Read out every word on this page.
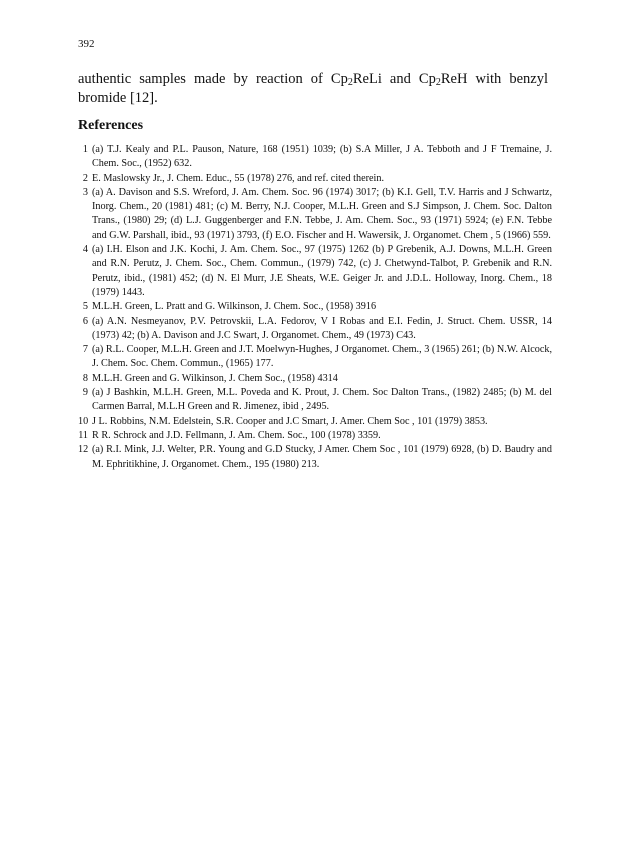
392

authentic samples made by reaction of $Cp_2ReLi$ and $Cp_2ReH$ with benzyl bromide [12].

References
1 (a) T.J. Kealy and P.L. Pauson, Nature, 168 (1951) 1039; (b) S.A Miller, J A. Tebboth and J F Tremaine, J. Chem. Soc., (1952) 632.
2 E. Maslowsky Jr., J. Chem. Educ., 55 (1978) 276, and ref. cited therein.
3 (a) A. Davison and S.S. Wreford, J. Am. Chem. Soc. 96 (1974) 3017; (b) K.I. Gell, T.V. Harris and J Schwartz, Inorg. Chem., 20 (1981) 481; (c) M. Berry, N.J. Cooper, M.L.H. Green and S.J Simpson, J. Chem. Soc. Dalton Trans., (1980) 29; (d) L.J. Guggenberger and F.N. Tebbe, J. Am. Chem. Soc., 93 (1971) 5924; (e) F.N. Tebbe and G.W. Parshall, ibid., 93 (1971) 3793, (f) E.O. Fischer and H. Wawersik, J. Organomet. Chem , 5 (1966) 559.
4 (a) I.H. Elson and J.K. Kochi, J. Am. Chem. Soc., 97 (1975) 1262 (b) P Grebenik, A.J. Downs, M.L.H. Green and R.N. Perutz, J. Chem. Soc., Chem. Commun., (1979) 742, (c) J. Chetwynd-Talbot, P. Grebenik and R.N. Perutz, ibid., (1981) 452; (d) N. El Murr, J.E Sheats, W.E. Geiger Jr. and J.D.L. Holloway, Inorg. Chem., 18 (1979) 1443.
5 M.L.H. Green, L. Pratt and G. Wilkinson, J. Chem. Soc., (1958) 3916
6 (a) A.N. Nesmeyanov, P.V. Petrovskii, L.A. Fedorov, V I Robas and E.I. Fedin, J. Struct. Chem. USSR, 14 (1973) 42; (b) A. Davison and J.C Swart, J. Organomet. Chem., 49 (1973) C43.
7 (a) R.L. Cooper, M.L.H. Green and J.T. Moelwyn-Hughes, J Organomet. Chem., 3 (1965) 261; (b) N.W. Alcock, J. Chem. Soc. Chem. Commun., (1965) 177.
8 M.L.H. Green and G. Wilkinson, J. Chem Soc., (1958) 4314
9 (a) J Bashkin, M.L.H. Green, M.L. Poveda and K. Prout, J. Chem. Soc Dalton Trans., (1982) 2485; (b) M. del Carmen Barral, M.L.H Green and R. Jimenez, ibid , 2495.
10 J L. Robbins, N.M. Edelstein, S.R. Cooper and J.C Smart, J. Amer. Chem Soc , 101 (1979) 3853.
11 R R. Schrock and J.D. Fellmann, J. Am. Chem. Soc., 100 (1978) 3359.
12 (a) R.I. Mink, J.J. Welter, P.R. Young and G.D Stucky, J Amer. Chem Soc , 101 (1979) 6928, (b) D. Baudry and M. Ephritikhine, J. Organomet. Chem., 195 (1980) 213.
